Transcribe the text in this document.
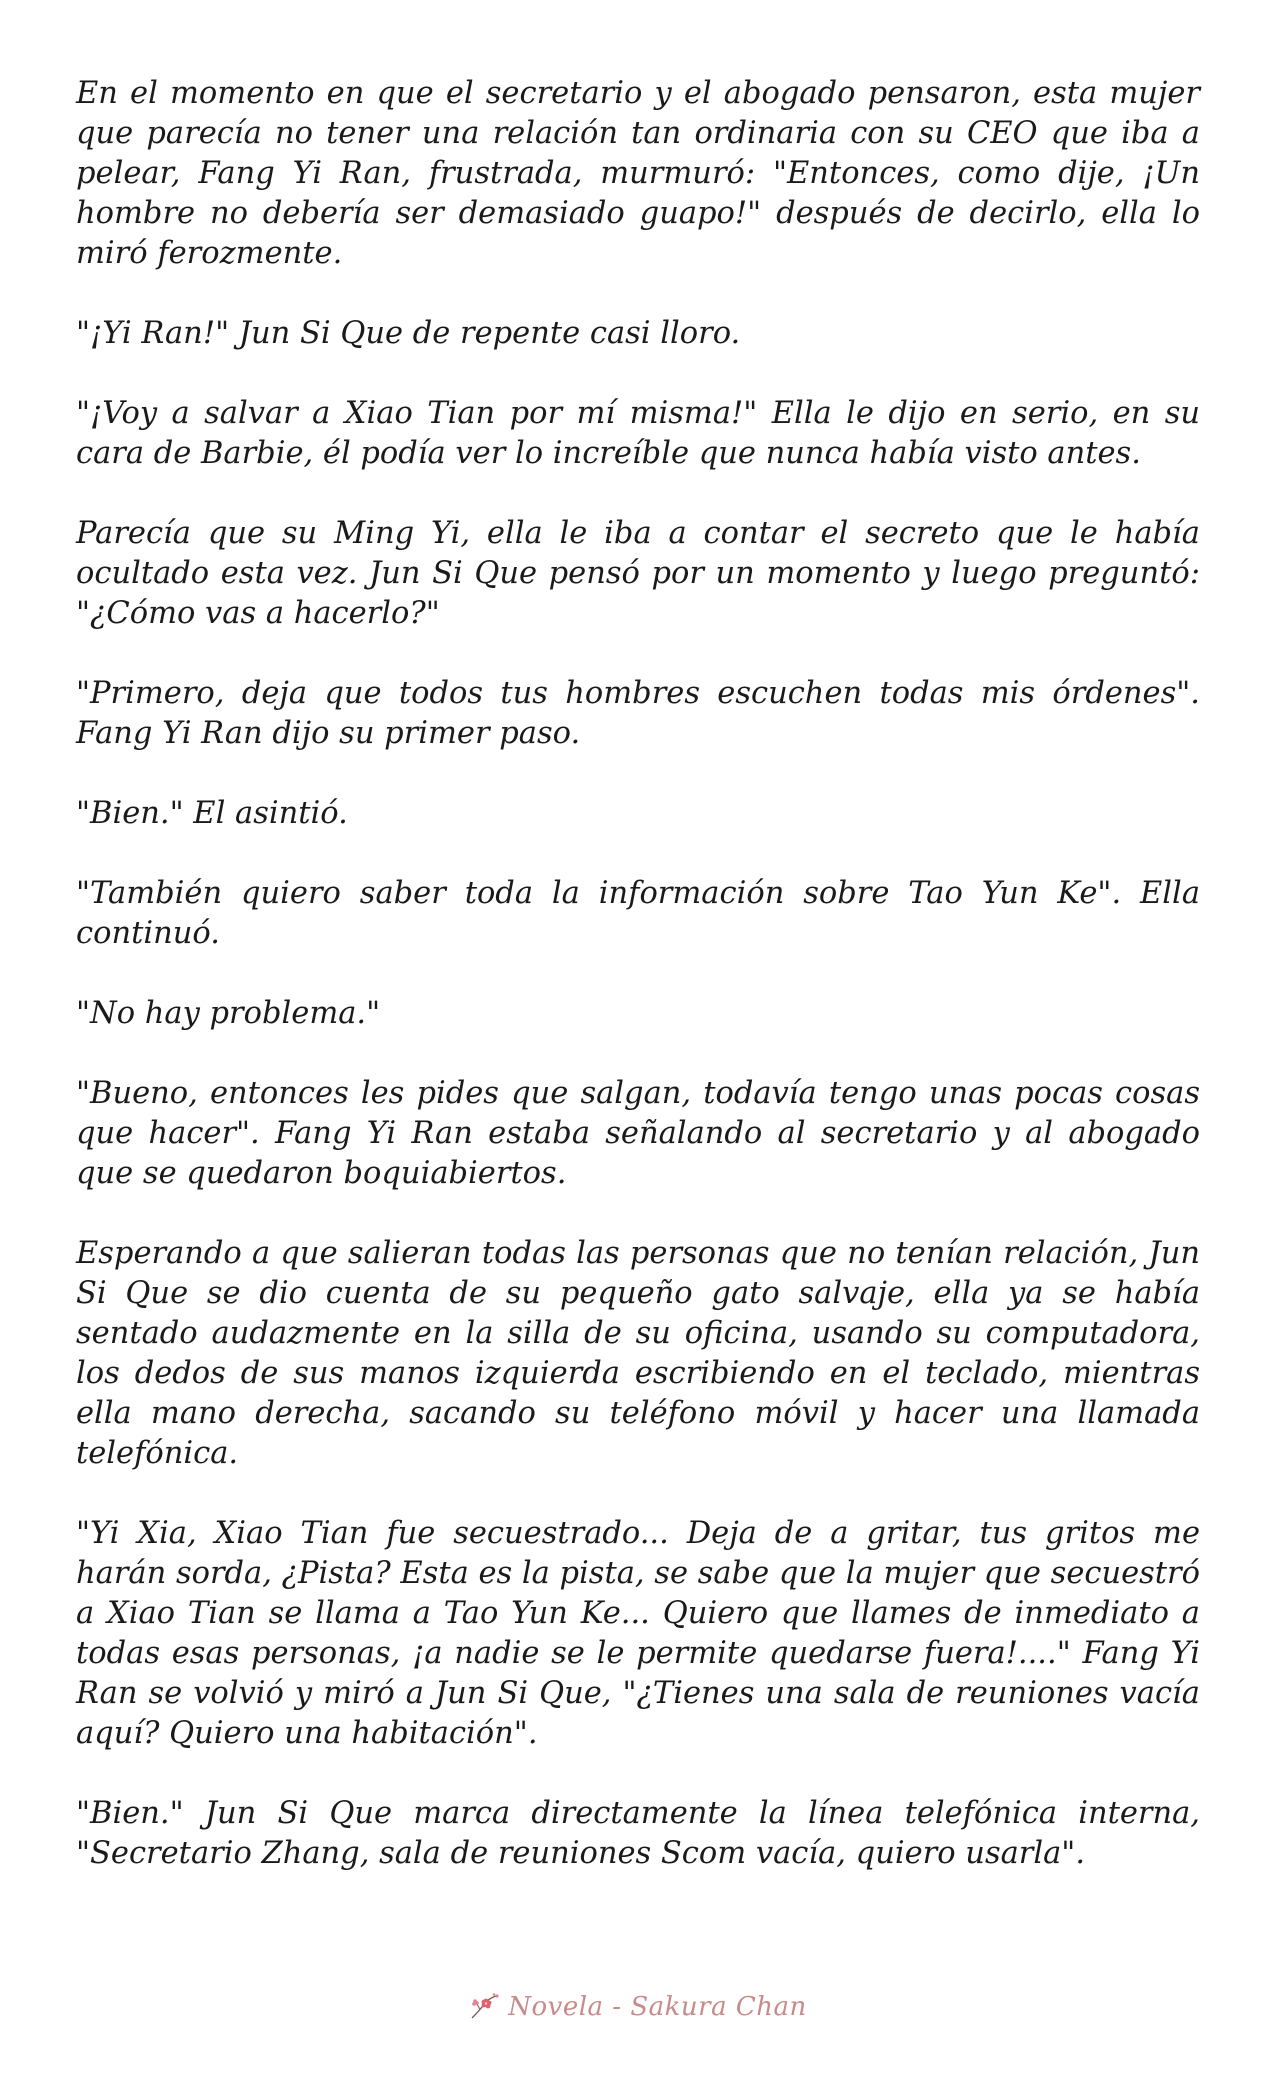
En el momento en que el secretario y el abogado pensaron, esta mujer que parecía no tener una relación tan ordinaria con su CEO que iba a pelear, Fang Yi Ran, frustrada, murmuró: "Entonces, como dije, ¡Un hombre no debería ser demasiado guapo!" después de decirlo, ella lo miró ferozmente.

"¡Yi Ran!" Jun Si Que de repente casi lloro.

"¡Voy a salvar a Xiao Tian por mí misma!" Ella le dijo en serio, en su cara de Barbie, él podía ver lo increíble que nunca había visto antes.

Parecía que su Ming Yi, ella le iba a contar el secreto que le había ocultado esta vez. Jun Si Que pensó por un momento y luego preguntó: "¿Cómo vas a hacerlo?"

"Primero, deja que todos tus hombres escuchen todas mis órdenes". Fang Yi Ran dijo su primer paso.

"Bien." El asintió.

"También quiero saber toda la información sobre Tao Yun Ke". Ella continuó.

"No hay problema."

"Bueno, entonces les pides que salgan, todavía tengo unas pocas cosas que hacer". Fang Yi Ran estaba señalando al secretario y al abogado que se quedaron boquiabiertos.

Esperando a que salieran todas las personas que no tenían relación, Jun Si Que se dio cuenta de su pequeño gato salvaje, ella ya se había sentado audazmente en la silla de su oficina, usando su computadora, los dedos de sus manos izquierda escribiendo en el teclado, mientras ella mano derecha, sacando su teléfono móvil y hacer una llamada telefónica.

"Yi Xia, Xiao Tian fue secuestrado... Deja de a gritar, tus gritos me harán sorda, ¿Pista? Esta es la pista, se sabe que la mujer que secuestró a Xiao Tian se llama a Tao Yun Ke... Quiero que llames de inmediato a todas esas personas, ¡a nadie se le permite quedarse fuera!...." Fang Yi Ran se volvió y miró a Jun Si Que, "¿Tienes una sala de reuniones vacía aquí? Quiero una habitación".

"Bien." Jun Si Que marca directamente la línea telefónica interna, "Secretario Zhang, sala de reuniones Scom vacía, quiero usarla".

Novela - Sakura Chan
